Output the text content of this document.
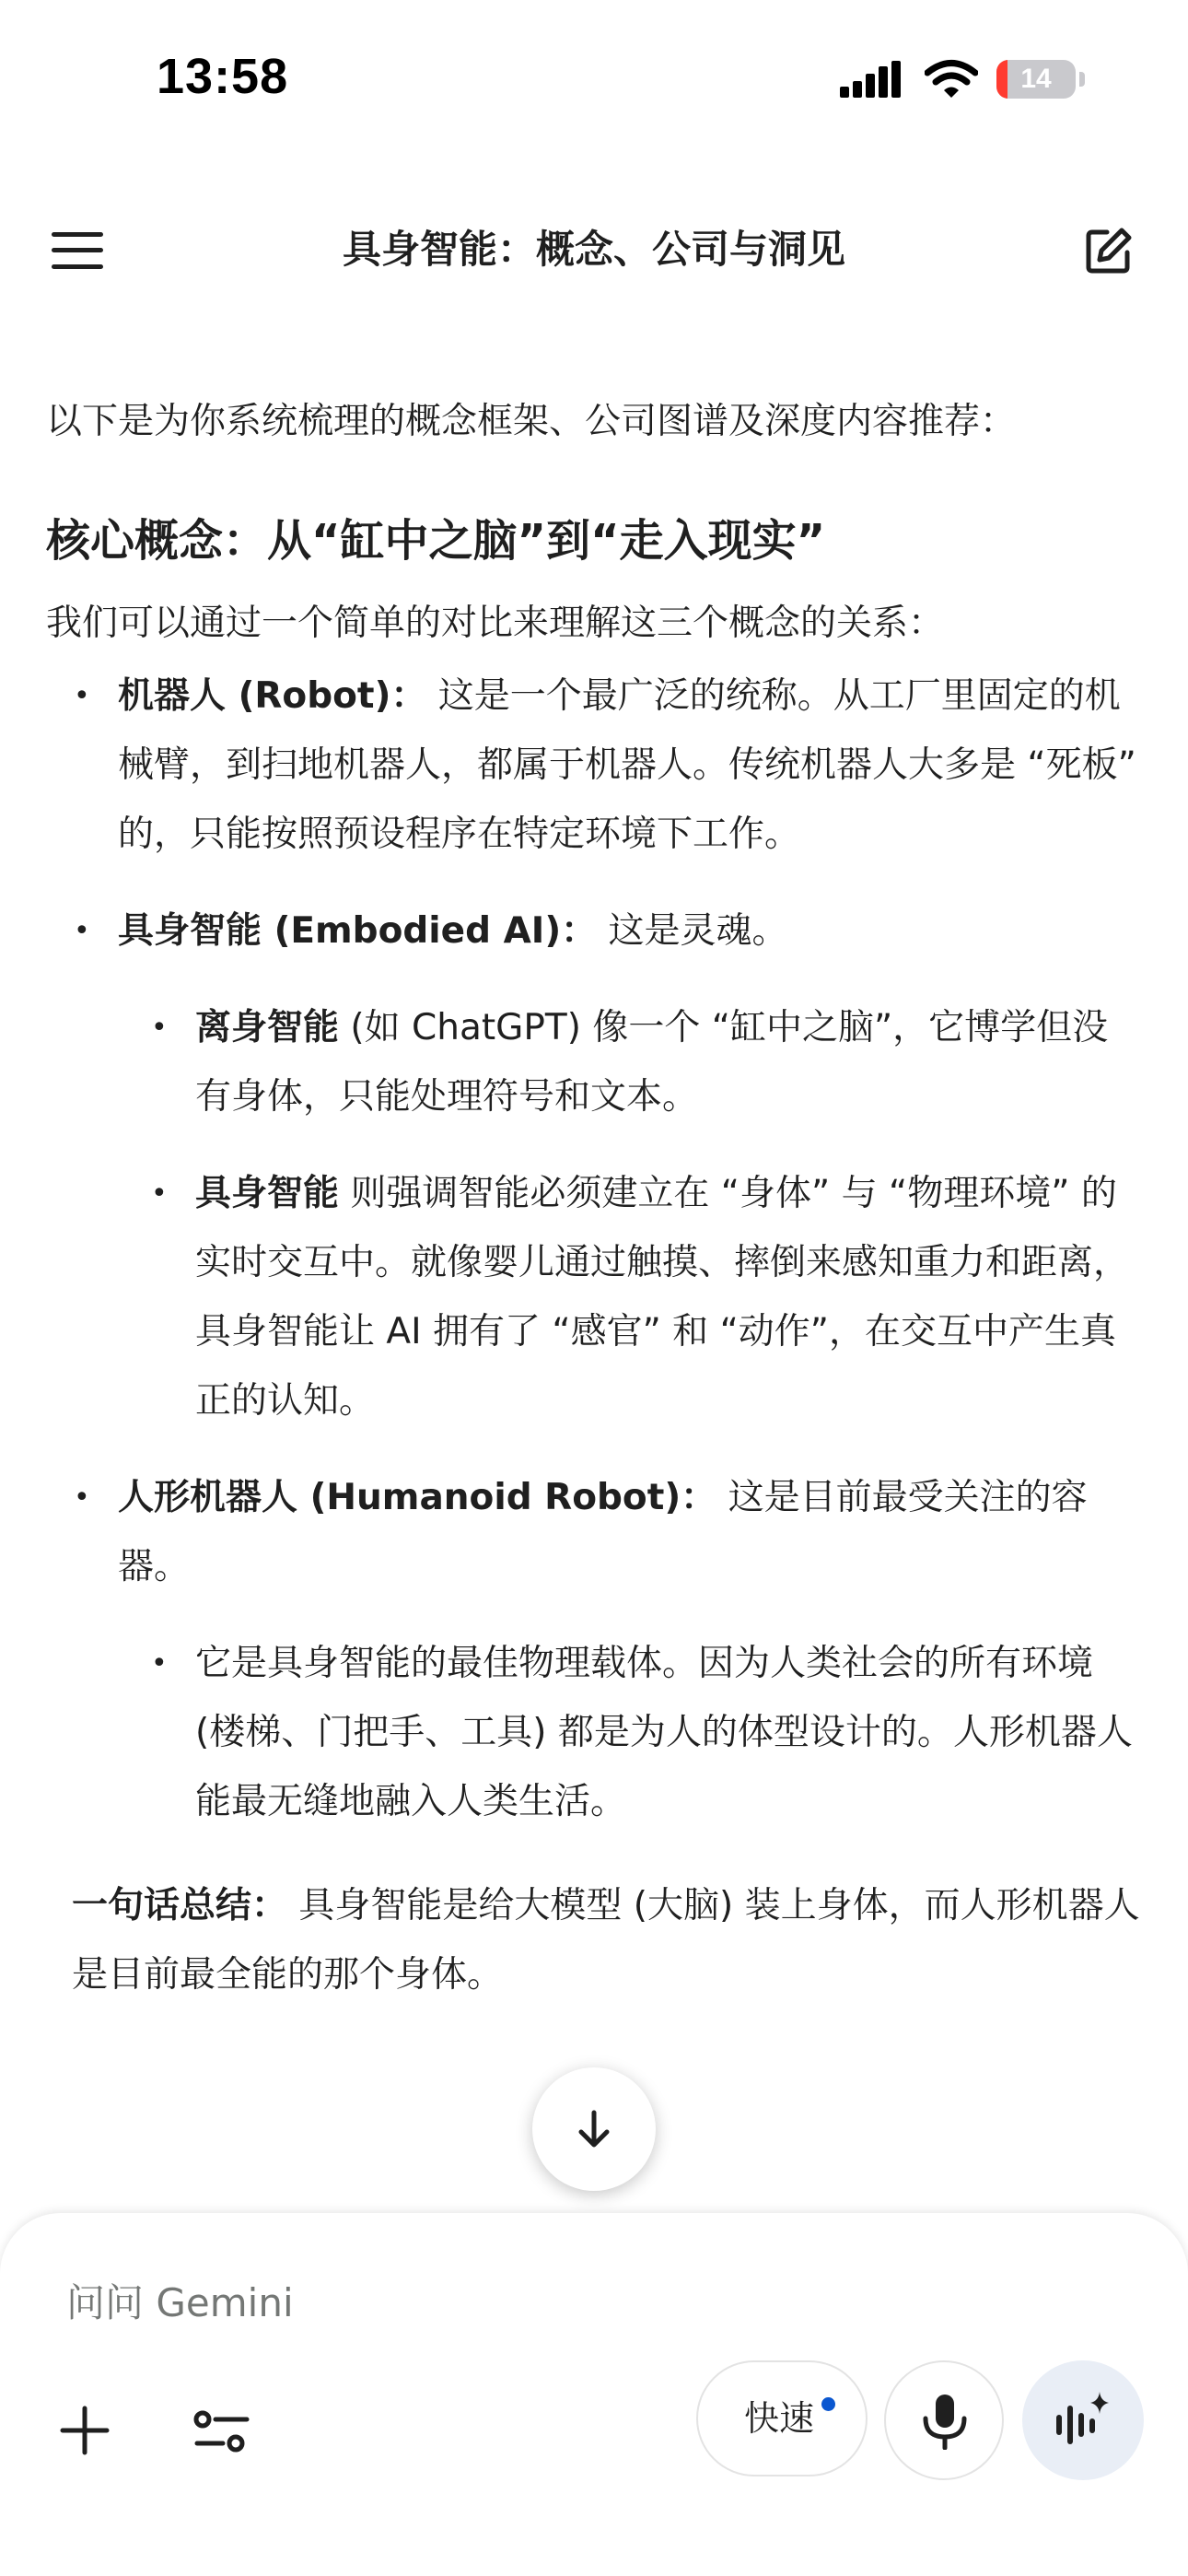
13:58	14
具身智能：概念、公司与洞见

以下是为你系统梳理的概念框架、公司图谱及深度内容推荐：

核心概念：从“缸中之脑”到“走入现实”

我们可以通过一个简单的对比来理解这三个概念的关系：

• 机器人 (Robot)： 这是一个最广泛的统称。从工厂里固定的机械臂，到扫地机器人，都属于机器人。传统机器人大多是 “死板” 的，只能按照预设程序在特定环境下工作。
• 具身智能 (Embodied AI)： 这是灵魂。
• 离身智能 (如 ChatGPT) 像一个 “缸中之脑”，它博学但没有身体，只能处理符号和文本。
• 具身智能 则强调智能必须建立在 “身体” 与 “物理环境” 的实时交互中。就像婴儿通过触摸、摔倒来感知重力和距离，具身智能让 AI 拥有了 “感官” 和 “动作”，在交互中产生真正的认知。
• 人形机器人 (Humanoid Robot)： 这是目前最受关注的容器。
• 它是具身智能的最佳物理载体。因为人类社会的所有环境 (楼梯、门把手、工具) 都是为人的体型设计的。人形机器人能最无缝地融入人类生活。

一句话总结： 具身智能是给大模型 (大脑) 装上身体，而人形机器人是目前最全能的那个身体。

问问 Gemini
快速
